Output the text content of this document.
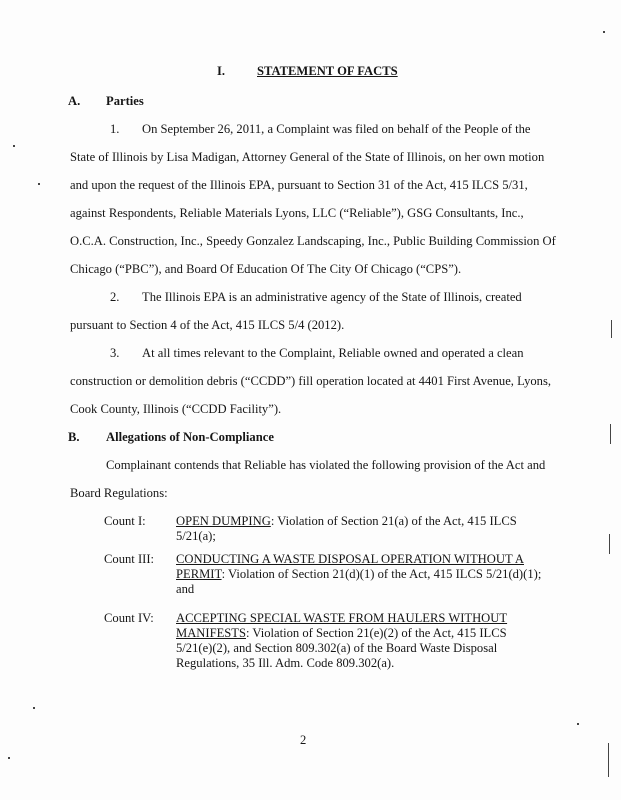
I.	STATEMENT OF FACTS
A. Parties
1. On September 26, 2011, a Complaint was filed on behalf of the People of the
State of Illinois by Lisa Madigan, Attorney General of the State of Illinois, on her own motion
and upon the request of the Illinois EPA, pursuant to Section 31 of the Act, 415 ILCS 5/31,
against Respondents, Reliable Materials Lyons, LLC (“Reliable”), GSG Consultants, Inc.,
O.C.A. Construction, Inc., Speedy Gonzalez Landscaping, Inc., Public Building Commission Of
Chicago (“PBC”), and Board Of Education Of The City Of Chicago (“CPS”).
2. The Illinois EPA is an administrative agency of the State of Illinois, created
pursuant to Section 4 of the Act, 415 ILCS 5/4 (2012).
3. At all times relevant to the Complaint, Reliable owned and operated a clean
construction or demolition debris (“CCDD”) fill operation located at 4401 First Avenue, Lyons,
Cook County, Illinois (“CCDD Facility”).
B. Allegations of Non-Compliance
Complainant contends that Reliable has violated the following provision of the Act and
Board Regulations:
Count I: OPEN DUMPING: Violation of Section 21(a) of the Act, 415 ILCS
5/21(a);
Count III: CONDUCTING A WASTE DISPOSAL OPERATION WITHOUT A
PERMIT: Violation of Section 21(d)(1) of the Act, 415 ILCS 5/21(d)(1);
and
Count IV: ACCEPTING SPECIAL WASTE FROM HAULERS WITHOUT
MANIFESTS: Violation of Section 21(e)(2) of the Act, 415 ILCS
5/21(e)(2), and Section 809.302(a) of the Board Waste Disposal
Regulations, 35 Ill. Adm. Code 809.302(a).
2
